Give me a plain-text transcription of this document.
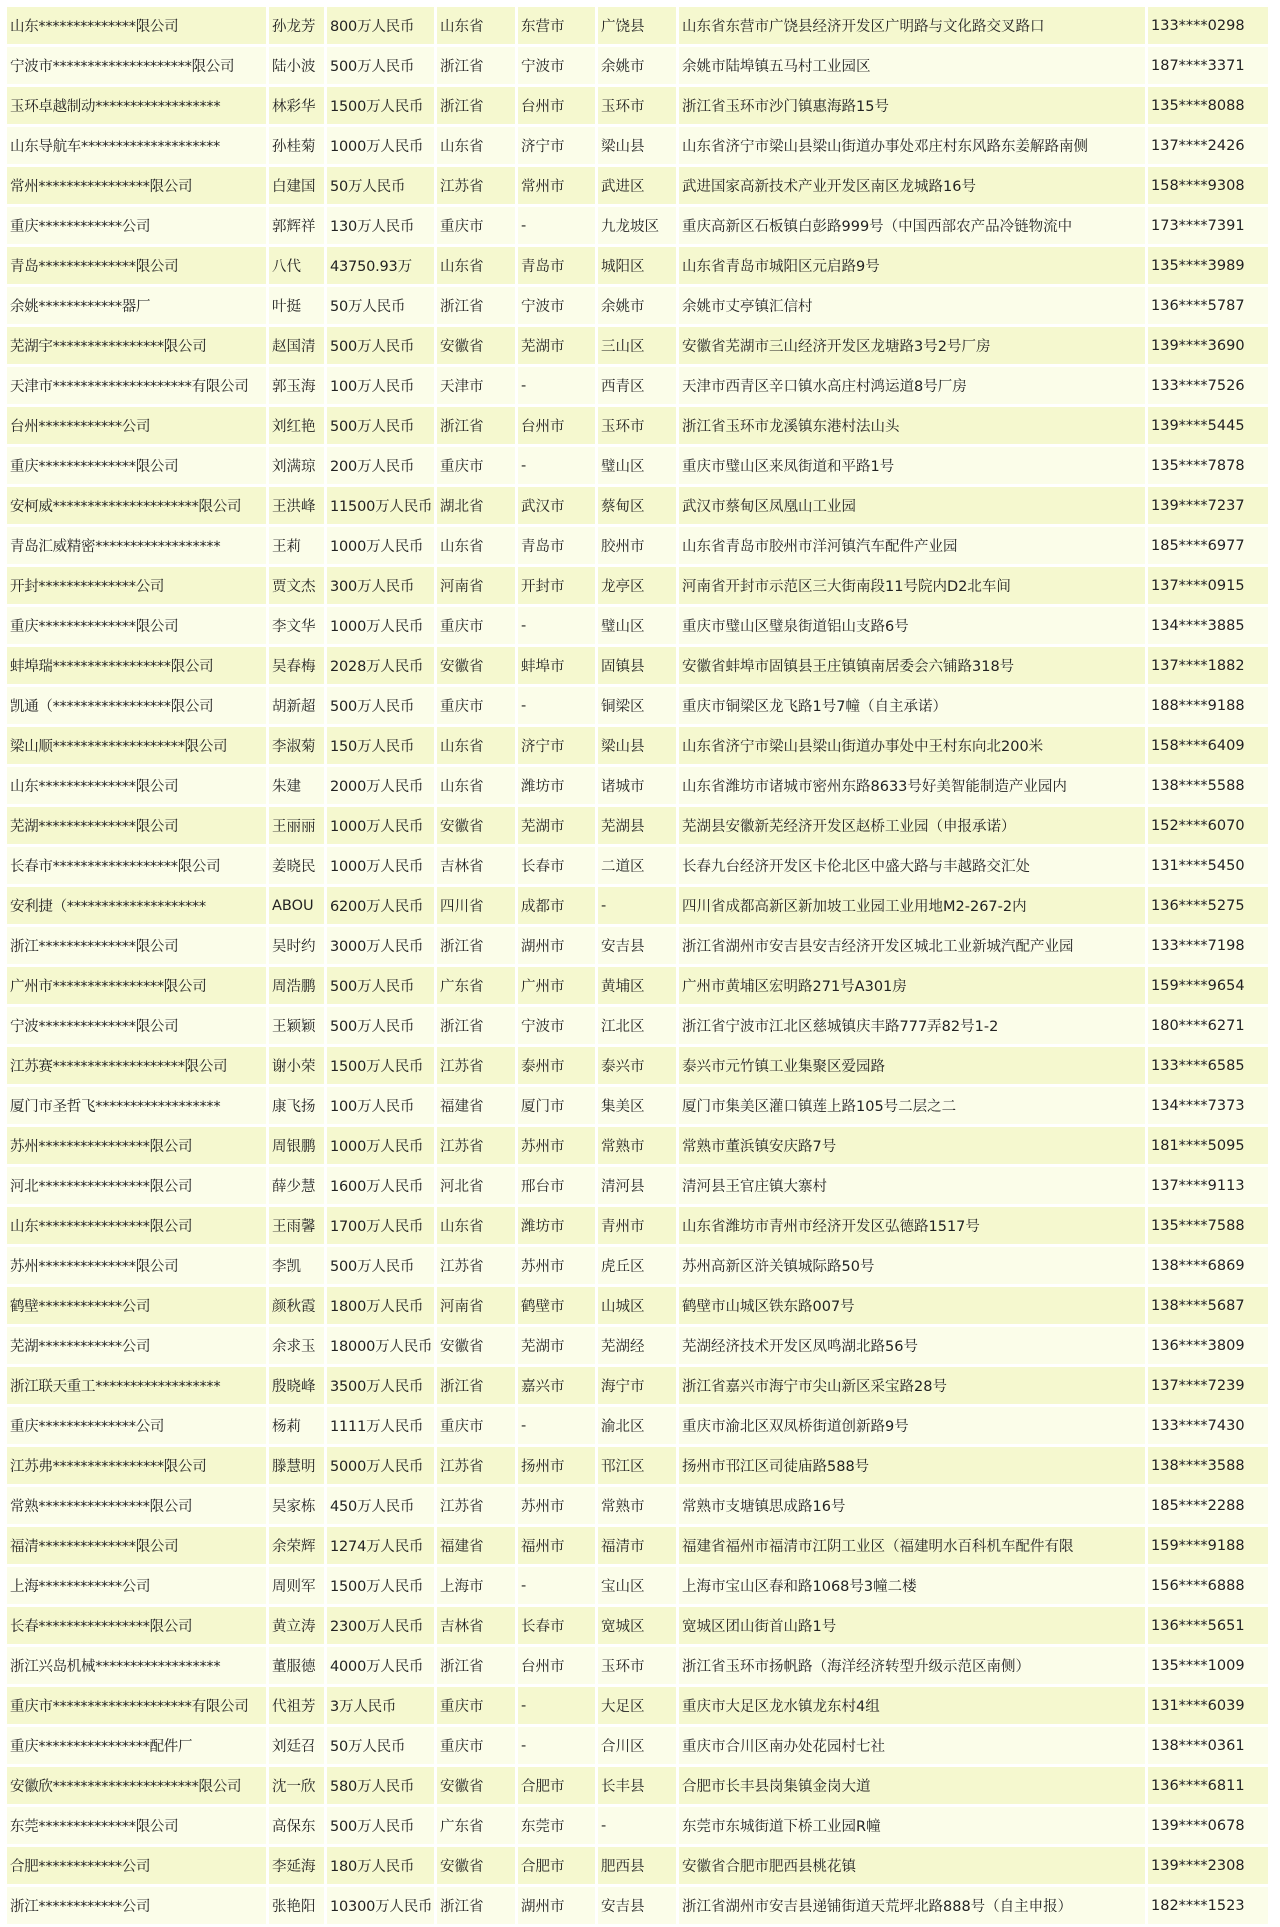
山东**************限公司	孙龙芳	800万人民币	山东省	东营市	广饶县	山东省东营市广饶县经济开发区广明路与文化路交叉路口	133****0298
宁波市********************限公司	陆小波	500万人民币	浙江省	宁波市	余姚市	余姚市陆埠镇五马村工业园区	187****3371
玉环卓越制动******************	林彩华	1500万人民币	浙江省	台州市	玉环市	浙江省玉环市沙门镇惠海路15号	135****8088
山东导航车********************	孙桂菊	1000万人民币	山东省	济宁市	梁山县	山东省济宁市梁山县梁山街道办事处邓庄村东风路东姜解路南侧	137****2426
常州****************限公司	白建国	50万人民币	江苏省	常州市	武进区	武进国家高新技术产业开发区南区龙城路16号	158****9308
重庆************公司	郭辉祥	130万人民币	重庆市	-	九龙坡区	重庆高新区石板镇白彭路999号（中国西部农产品冷链物流中	173****7391
青岛**************限公司	八代	43750.93万	山东省	青岛市	城阳区	山东省青岛市城阳区元启路9号	135****3989
余姚************器厂	叶挺	50万人民币	浙江省	宁波市	余姚市	余姚市丈亭镇汇信村	136****5787
芜湖宇****************限公司	赵国清	500万人民币	安徽省	芜湖市	三山区	安徽省芜湖市三山经济开发区龙塘路3号2号厂房	139****3690
天津市********************有限公司	郭玉海	100万人民币	天津市	-	西青区	天津市西青区辛口镇水高庄村鸿运道8号厂房	133****7526
台州************公司	刘红艳	500万人民币	浙江省	台州市	玉环市	浙江省玉环市龙溪镇东港村法山头	139****5445
重庆**************限公司	刘满琼	200万人民币	重庆市	-	璧山区	重庆市璧山区来凤街道和平路1号	135****7878
安柯威*********************限公司	王洪峰	11500万人民币	湖北省	武汉市	蔡甸区	武汉市蔡甸区凤凰山工业园	139****7237
青岛汇威精密******************	王莉	1000万人民币	山东省	青岛市	胶州市	山东省青岛市胶州市洋河镇汽车配件产业园	185****6977
开封**************公司	贾文杰	300万人民币	河南省	开封市	龙亭区	河南省开封市示范区三大街南段11号院内D2北车间	137****0915
重庆**************限公司	李文华	1000万人民币	重庆市	-	璧山区	重庆市璧山区璧泉街道铝山支路6号	134****3885
蚌埠瑞*****************限公司	吴春梅	2028万人民币	安徽省	蚌埠市	固镇县	安徽省蚌埠市固镇县王庄镇镇南居委会六铺路318号	137****1882
凯通（*****************限公司	胡新超	500万人民币	重庆市	-	铜梁区	重庆市铜梁区龙飞路1号7幢（自主承诺）	188****9188
梁山顺*******************限公司	李淑菊	150万人民币	山东省	济宁市	梁山县	山东省济宁市梁山县梁山街道办事处中王村东向北200米	158****6409
山东**************限公司	朱建	2000万人民币	山东省	潍坊市	诸城市	山东省潍坊市诸城市密州东路8633号好美智能制造产业园内	138****5588
芜湖**************限公司	王丽丽	1000万人民币	安徽省	芜湖市	芜湖县	芜湖县安徽新芜经济开发区赵桥工业园（申报承诺）	152****6070
长春市******************限公司	姜晓民	1000万人民币	吉林省	长春市	二道区	长春九台经济开发区卡伦北区中盛大路与丰越路交汇处	131****5450
安利捷（********************	ABOU	6200万人民币	四川省	成都市	-	四川省成都高新区新加坡工业园工业用地M2-267-2内	136****5275
浙江**************限公司	吴时约	3000万人民币	浙江省	湖州市	安吉县	浙江省湖州市安吉县安吉经济开发区城北工业新城汽配产业园	133****7198
广州市****************限公司	周浩鹏	500万人民币	广东省	广州市	黄埔区	广州市黄埔区宏明路271号A301房	159****9654
宁波**************限公司	王颖颖	500万人民币	浙江省	宁波市	江北区	浙江省宁波市江北区慈城镇庆丰路777弄82号1-2	180****6271
江苏赛*******************限公司	谢小荣	1500万人民币	江苏省	泰州市	泰兴市	泰兴市元竹镇工业集聚区爱园路	133****6585
厦门市圣哲飞******************	康飞扬	100万人民币	福建省	厦门市	集美区	厦门市集美区灌口镇莲上路105号二层之二	134****7373
苏州****************限公司	周银鹏	1000万人民币	江苏省	苏州市	常熟市	常熟市董浜镇安庆路7号	181****5095
河北****************限公司	薛少慧	1600万人民币	河北省	邢台市	清河县	清河县王官庄镇大寨村	137****9113
山东****************限公司	王雨馨	1700万人民币	山东省	潍坊市	青州市	山东省潍坊市青州市经济开发区弘德路1517号	135****7588
苏州**************限公司	李凯	500万人民币	江苏省	苏州市	虎丘区	苏州高新区浒关镇城际路50号	138****6869
鹤壁************公司	颜秋霞	1800万人民币	河南省	鹤壁市	山城区	鹤壁市山城区铁东路007号	138****5687
芜湖************公司	余求玉	18000万人民币	安徽省	芜湖市	芜湖经	芜湖经济技术开发区凤鸣湖北路56号	136****3809
浙江联天重工******************	殷晓峰	3500万人民币	浙江省	嘉兴市	海宁市	浙江省嘉兴市海宁市尖山新区采宝路28号	137****7239
重庆**************公司	杨莉	1111万人民币	重庆市	-	渝北区	重庆市渝北区双凤桥街道创新路9号	133****7430
江苏弗****************限公司	滕慧明	5000万人民币	江苏省	扬州市	邗江区	扬州市邗江区司徒庙路588号	138****3588
常熟****************限公司	吴家栋	450万人民币	江苏省	苏州市	常熟市	常熟市支塘镇思成路16号	185****2288
福清**************限公司	余荣辉	1274万人民币	福建省	福州市	福清市	福建省福州市福清市江阴工业区（福建明水百科机车配件有限	159****9188
上海************公司	周则军	1500万人民币	上海市	-	宝山区	上海市宝山区春和路1068号3幢二楼	156****6888
长春****************限公司	黄立涛	2300万人民币	吉林省	长春市	宽城区	宽城区团山街首山路1号	136****5651
浙江兴岛机械******************	董服德	4000万人民币	浙江省	台州市	玉环市	浙江省玉环市扬帆路（海洋经济转型升级示范区南侧）	135****1009
重庆市********************有限公司	代祖芳	3万人民币	重庆市	-	大足区	重庆市大足区龙水镇龙东村4组	131****6039
重庆****************配件厂	刘廷召	50万人民币	重庆市	-	合川区	重庆市合川区南办处花园村七社	138****0361
安徽欣*********************限公司	沈一欣	580万人民币	安徽省	合肥市	长丰县	合肥市长丰县岗集镇金岗大道	136****6811
东莞**************限公司	高保东	500万人民币	广东省	东莞市	-	东莞市东城街道下桥工业园R幢	139****0678
合肥************公司	李延海	180万人民币	安徽省	合肥市	肥西县	安徽省合肥市肥西县桃花镇	139****2308
浙江************公司	张艳阳	10300万人民币	浙江省	湖州市	安吉县	浙江省湖州市安吉县递铺街道天荒坪北路888号（自主申报）	182****1523
